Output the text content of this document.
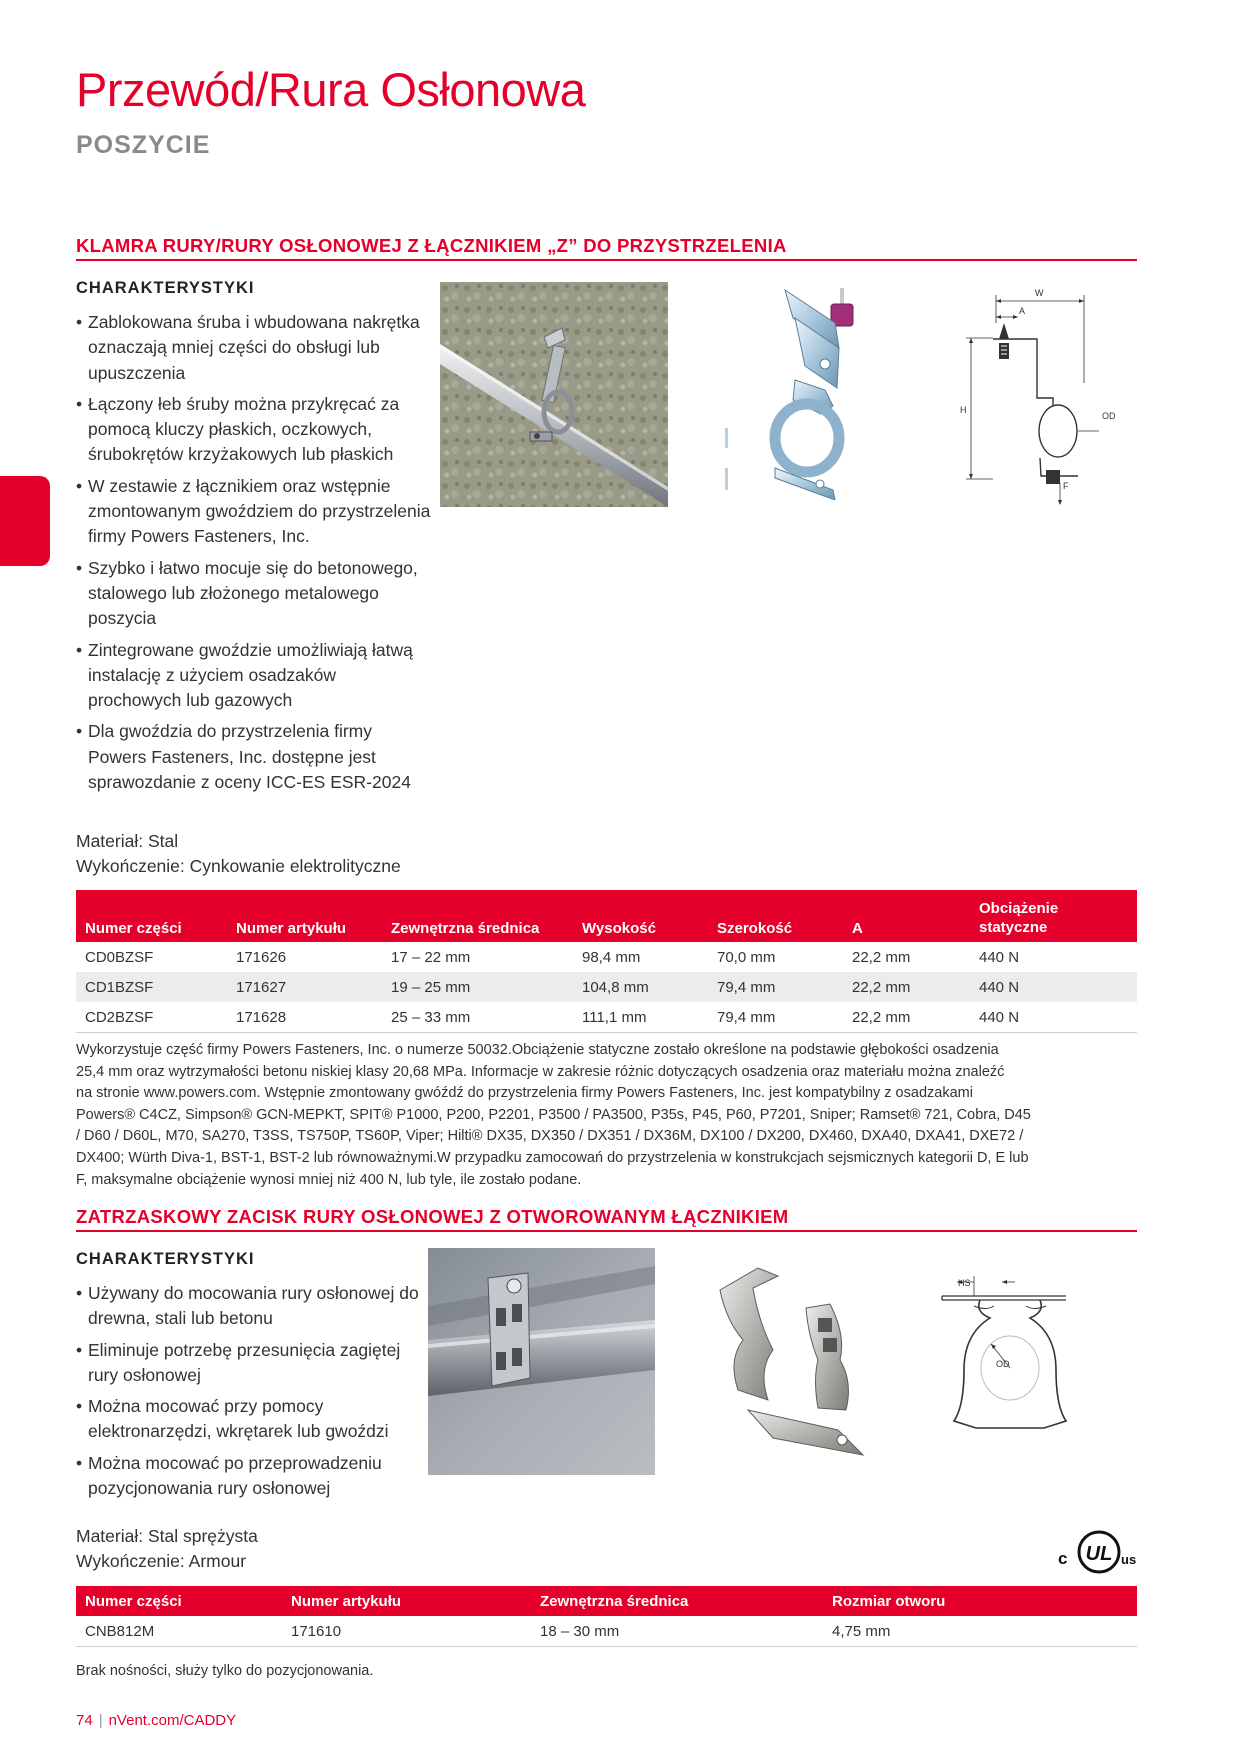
Przewód/Rura Osłonowa
POSZYCIE
KLAMRA RURY/RURY OSŁONOWEJ Z ŁĄCZNIKIEM „Z” DO PRZYSTRZELENIA
CHARAKTERYSTYKI
• Zablokowana śruba i wbudowana nakrętka oznaczają mniej części do obsługi lub upuszczenia
• Łączony łeb śruby można przykręcać za pomocą kluczy płaskich, oczkowych, śrubokrętów krzyżakowych lub płaskich
• W zestawie z łącznikiem oraz wstępnie zmontowanym gwoździem do przystrzelenia firmy Powers Fasteners, Inc.
• Szybko i łatwo mocuje się do betonowego, stalowego lub złożonego metalowego poszycia
• Zintegrowane gwoździe umożliwiają łatwą instalację z użyciem osadzaków prochowych lub gazowych
• Dla gwoździa do przystrzelenia firmy Powers Fasteners, Inc. dostępne jest sprawozdanie z oceny ICC-ES ESR-2024
Materiał: Stal
Wykończenie: Cynkowanie elektrolityczne
W
A
H
OD
F
Numer części	Numer artykułu	Zewnętrzna średnica	Wysokość	Szerokość	A	Obciążenie statyczne
CD0BZSF	171626	17 – 22 mm	98,4 mm	70,0 mm	22,2 mm	440 N
CD1BZSF	171627	19 – 25 mm	104,8 mm	79,4 mm	22,2 mm	440 N
CD2BZSF	171628	25 – 33 mm	111,1 mm	79,4 mm	22,2 mm	440 N
Wykorzystuje część firmy Powers Fasteners, Inc. o numerze 50032.Obciążenie statyczne zostało określone na podstawie głębokości osadzenia
25,4 mm oraz wytrzymałości betonu niskiej klasy 20,68 MPa. Informacje w zakresie różnic dotyczących osadzenia oraz materiału można znaleźć
na stronie www.powers.com. Wstępnie zmontowany gwóźdź do przystrzelenia firmy Powers Fasteners, Inc. jest kompatybilny z osadzakami
Powers® C4CZ, Simpson® GCN-MEPKT, SPIT® P1000, P200, P2201, P3500 / PA3500, P35s, P45, P60, P7201, Sniper; Ramset® 721, Cobra, D45
/ D60 / D60L, M70, SA270, T3SS, TS750P, TS60P, Viper; Hilti® DX35, DX350 / DX351 / DX36M, DX100 / DX200, DX460, DXA40, DXA41, DXE72 /
DX400; Würth Diva-1, BST-1, BST-2 lub równoważnymi.W przypadku zamocowań do przystrzelenia w konstrukcjach sejsmicznych kategorii D, E lub
F, maksymalne obciążenie wynosi mniej niż 400 N, lub tyle, ile zostało podane.
ZATRZASKOWY ZACISK RURY OSŁONOWEJ Z OTWOROWANYM ŁĄCZNIKIEM
CHARAKTERYSTYKI
• Używany do mocowania rury osłonowej do drewna, stali lub betonu
• Eliminuje potrzebę przesunięcia zagiętej rury osłonowej
• Można mocować przy pomocy elektronarzędzi, wkrętarek lub gwoździ
• Można mocować po przeprowadzeniu pozycjonowania rury osłonowej
Materiał: Stal sprężysta
Wykończenie: Armour
HS
OD
c UL us
Numer części	Numer artykułu	Zewnętrzna średnica	Rozmiar otworu
CNB812M	171610	18 – 30 mm	4,75 mm
Brak nośności, służy tylko do pozycjonowania.
74 | nVent.com/CADDY
